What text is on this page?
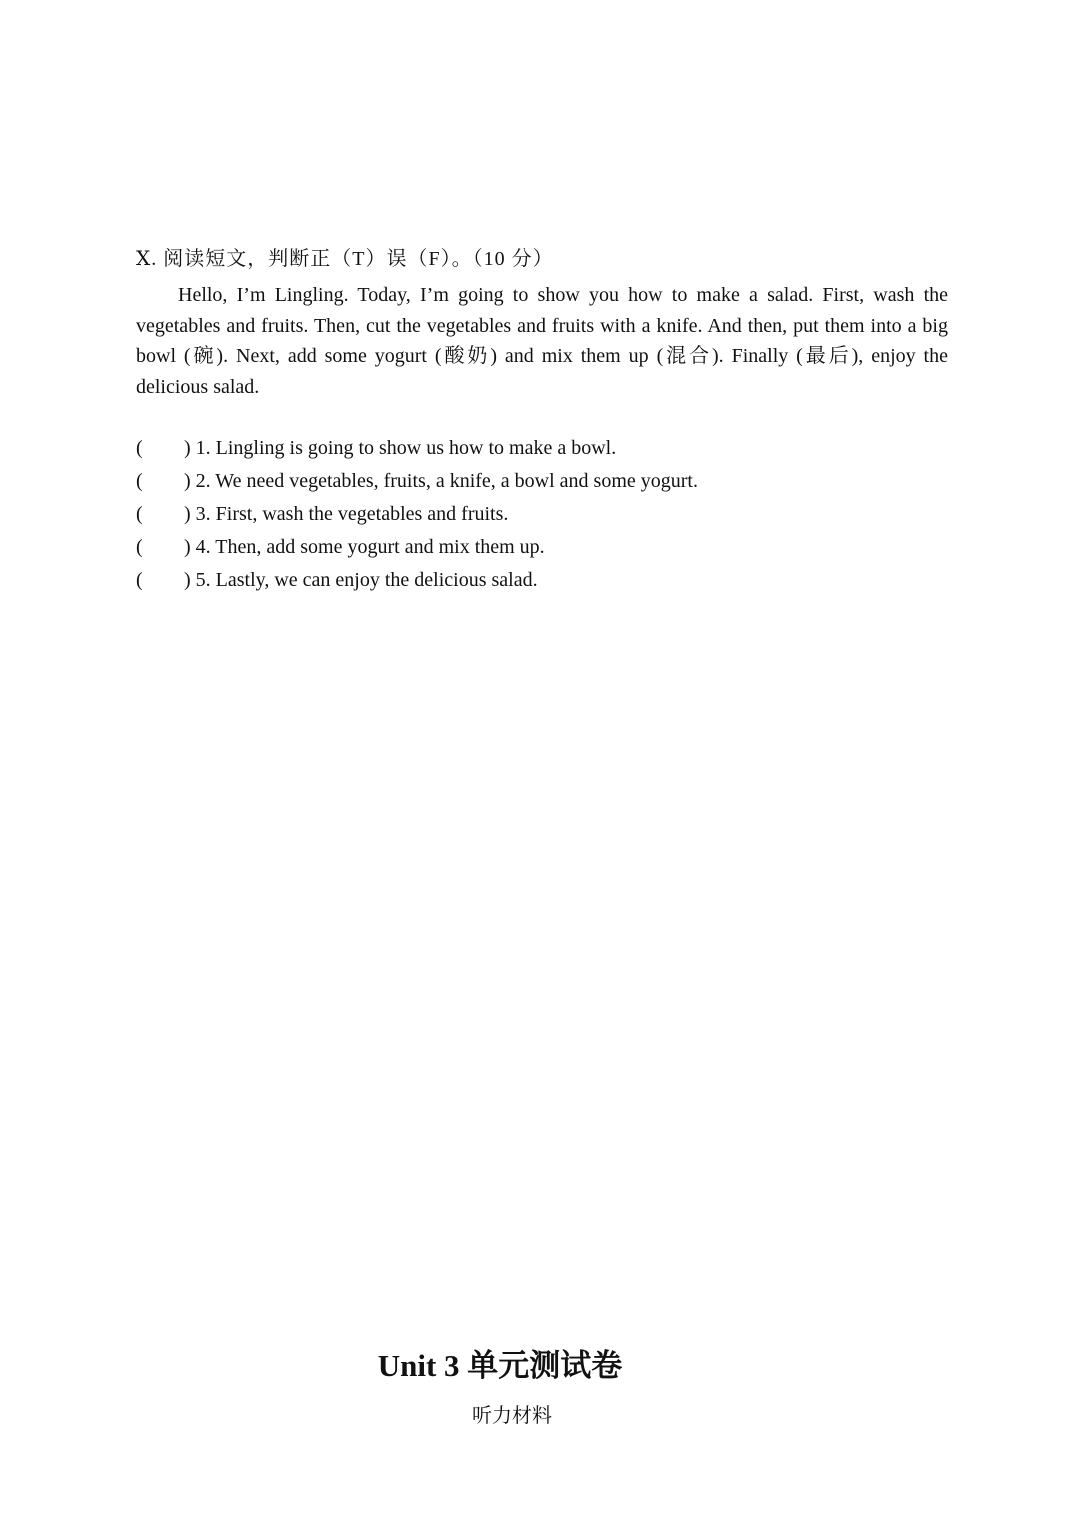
Ⅹ. 阅读短文，判断正（T）误（F）。（10 分）

Hello, I’m Lingling. Today, I’m going to show you how to make a salad. First, wash the vegetables and fruits. Then, cut the vegetables and fruits with a knife. And then, put them into a big bowl (碗). Next, add some yogurt (酸奶) and mix them up (混合). Finally (最后), enjoy the delicious salad.

(	) 1. Lingling is going to show us how to make a bowl.
(	) 2. We need vegetables, fruits, a knife, a bowl and some yogurt.
(	) 3. First, wash the vegetables and fruits.
(	) 4. Then, add some yogurt and mix them up.
(	) 5. Lastly, we can enjoy the delicious salad.
Unit 3 单元测试卷
听力材料
